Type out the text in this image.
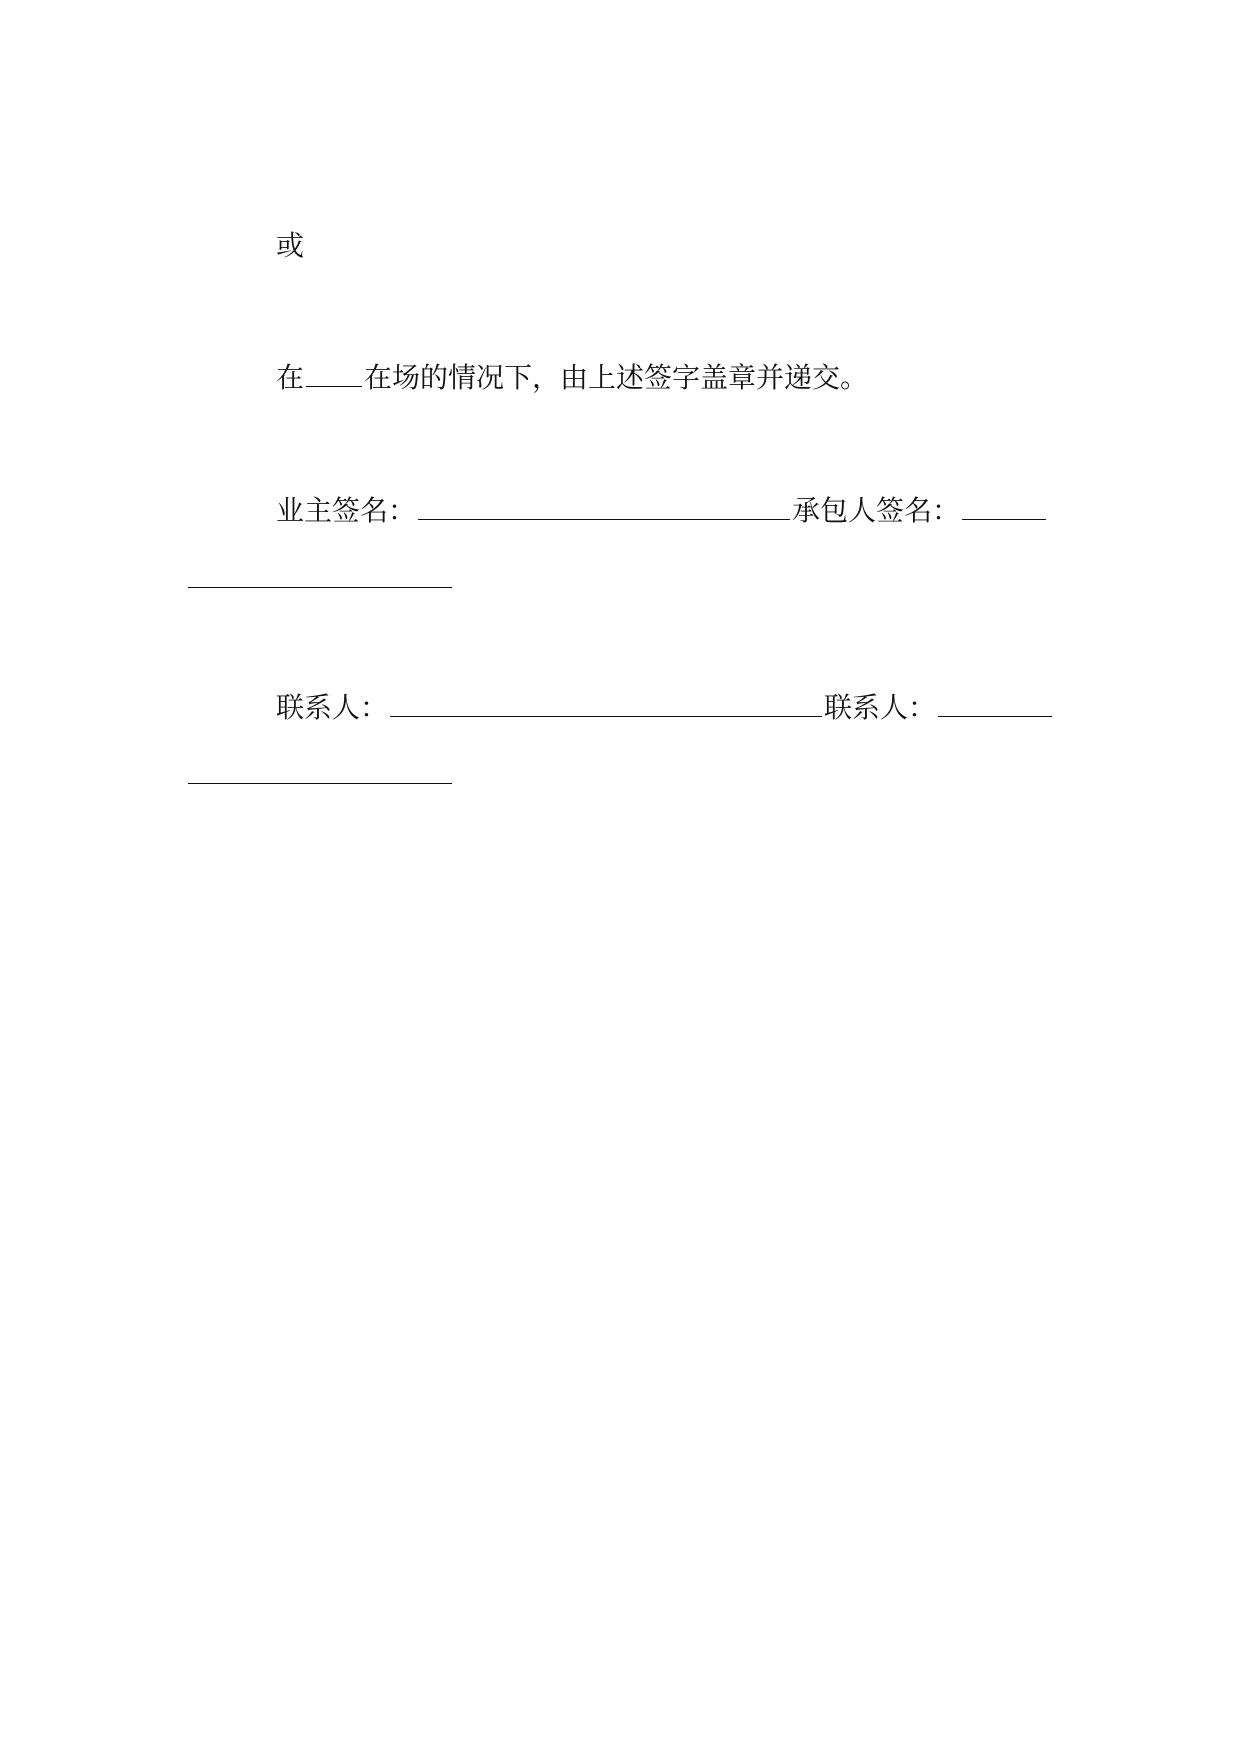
或
在 在场的情况下，由上述签字盖章并递交。
业主签名：	承包人签名：
联系人：	联系人：
